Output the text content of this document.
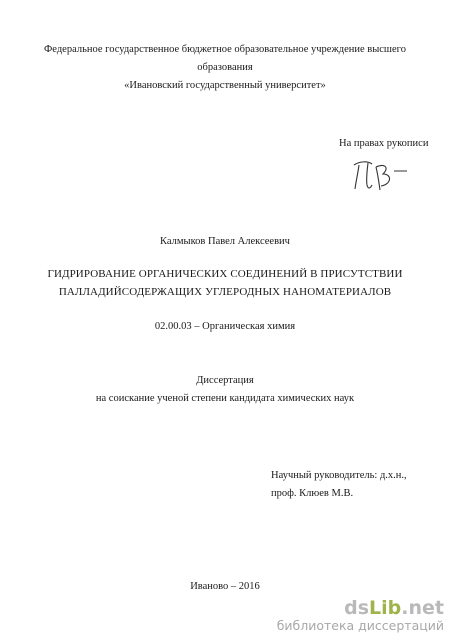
Федеральное государственное бюджетное образовательное учреждение высшего
образования
«Ивановский государственный университет»
На правах рукописи
Калмыков Павел Алексеевич
ГИДРИРОВАНИЕ ОРГАНИЧЕСКИХ СОЕДИНЕНИЙ В ПРИСУТСТВИИ
ПАЛЛАДИЙСОДЕРЖАЩИХ УГЛЕРОДНЫХ НАНОМАТЕРИАЛОВ
02.00.03 – Органическая химия
Диссертация
на соискание ученой степени кандидата химических наук
Научный руководитель: д.х.н.,
проф. Клюев М.В.
Иваново – 2016
dsLib.net
библиотека диссертаций
